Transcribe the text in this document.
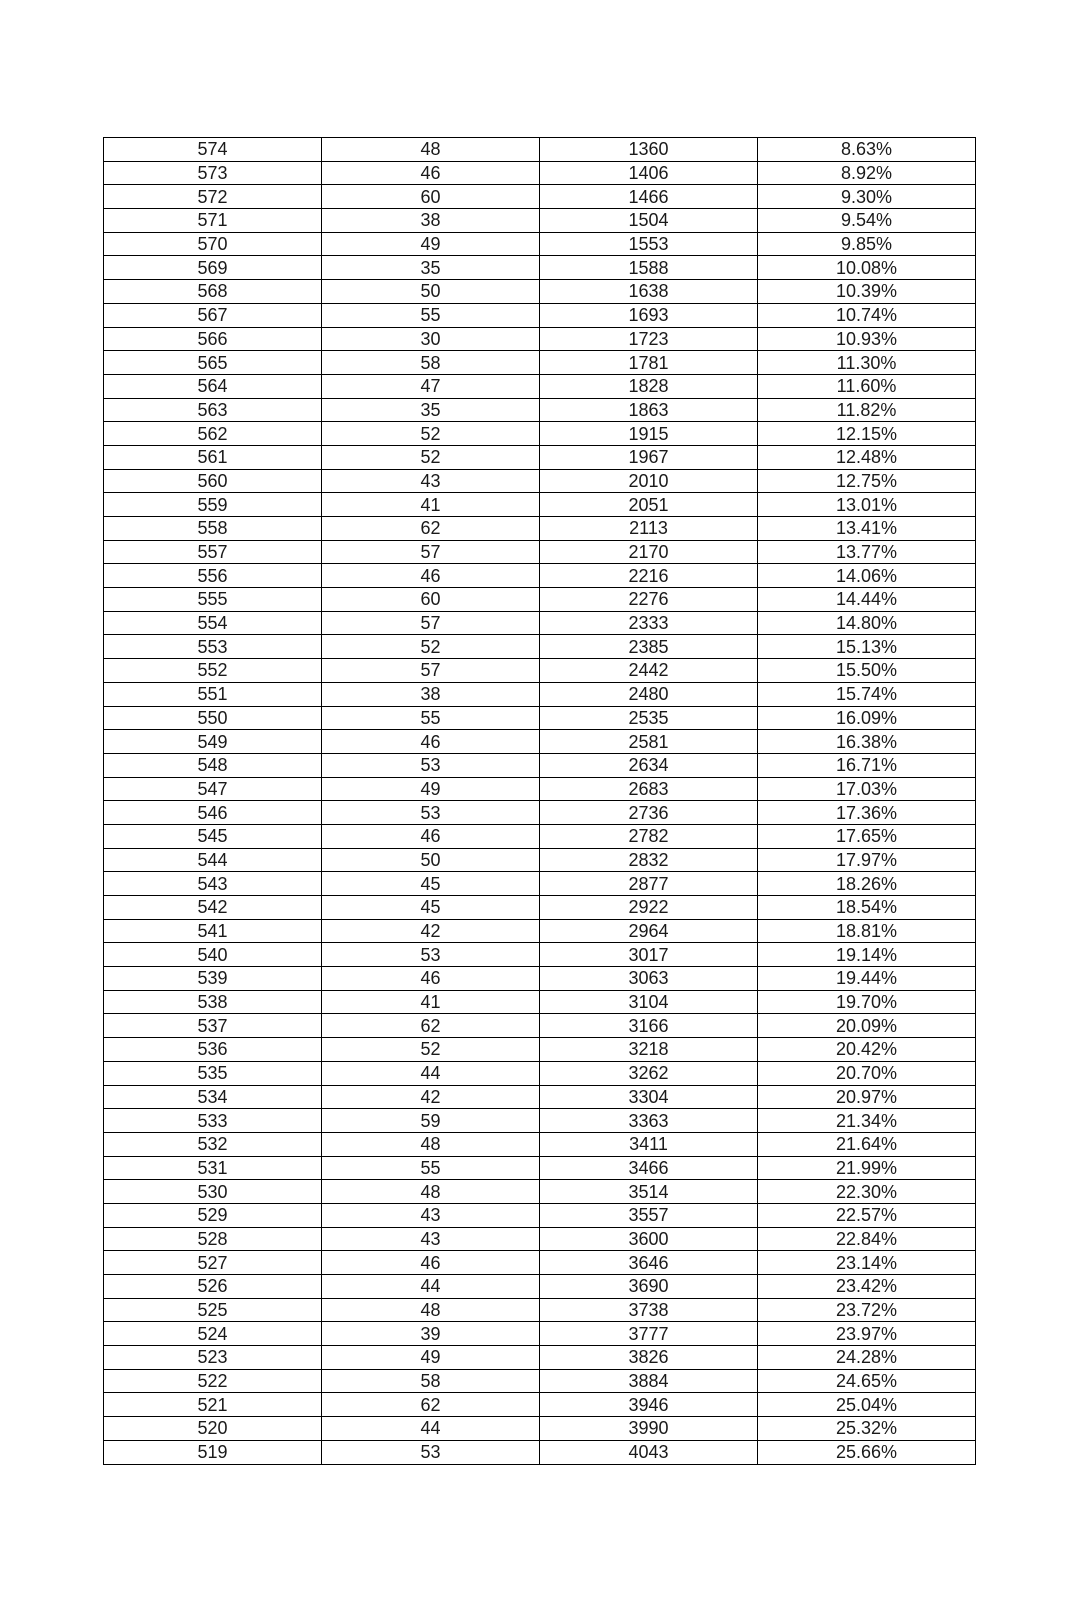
574	48	1360	8.63%
573	46	1406	8.92%
572	60	1466	9.30%
571	38	1504	9.54%
570	49	1553	9.85%
569	35	1588	10.08%
568	50	1638	10.39%
567	55	1693	10.74%
566	30	1723	10.93%
565	58	1781	11.30%
564	47	1828	11.60%
563	35	1863	11.82%
562	52	1915	12.15%
561	52	1967	12.48%
560	43	2010	12.75%
559	41	2051	13.01%
558	62	2113	13.41%
557	57	2170	13.77%
556	46	2216	14.06%
555	60	2276	14.44%
554	57	2333	14.80%
553	52	2385	15.13%
552	57	2442	15.50%
551	38	2480	15.74%
550	55	2535	16.09%
549	46	2581	16.38%
548	53	2634	16.71%
547	49	2683	17.03%
546	53	2736	17.36%
545	46	2782	17.65%
544	50	2832	17.97%
543	45	2877	18.26%
542	45	2922	18.54%
541	42	2964	18.81%
540	53	3017	19.14%
539	46	3063	19.44%
538	41	3104	19.70%
537	62	3166	20.09%
536	52	3218	20.42%
535	44	3262	20.70%
534	42	3304	20.97%
533	59	3363	21.34%
532	48	3411	21.64%
531	55	3466	21.99%
530	48	3514	22.30%
529	43	3557	22.57%
528	43	3600	22.84%
527	46	3646	23.14%
526	44	3690	23.42%
525	48	3738	23.72%
524	39	3777	23.97%
523	49	3826	24.28%
522	58	3884	24.65%
521	62	3946	25.04%
520	44	3990	25.32%
519	53	4043	25.66%
